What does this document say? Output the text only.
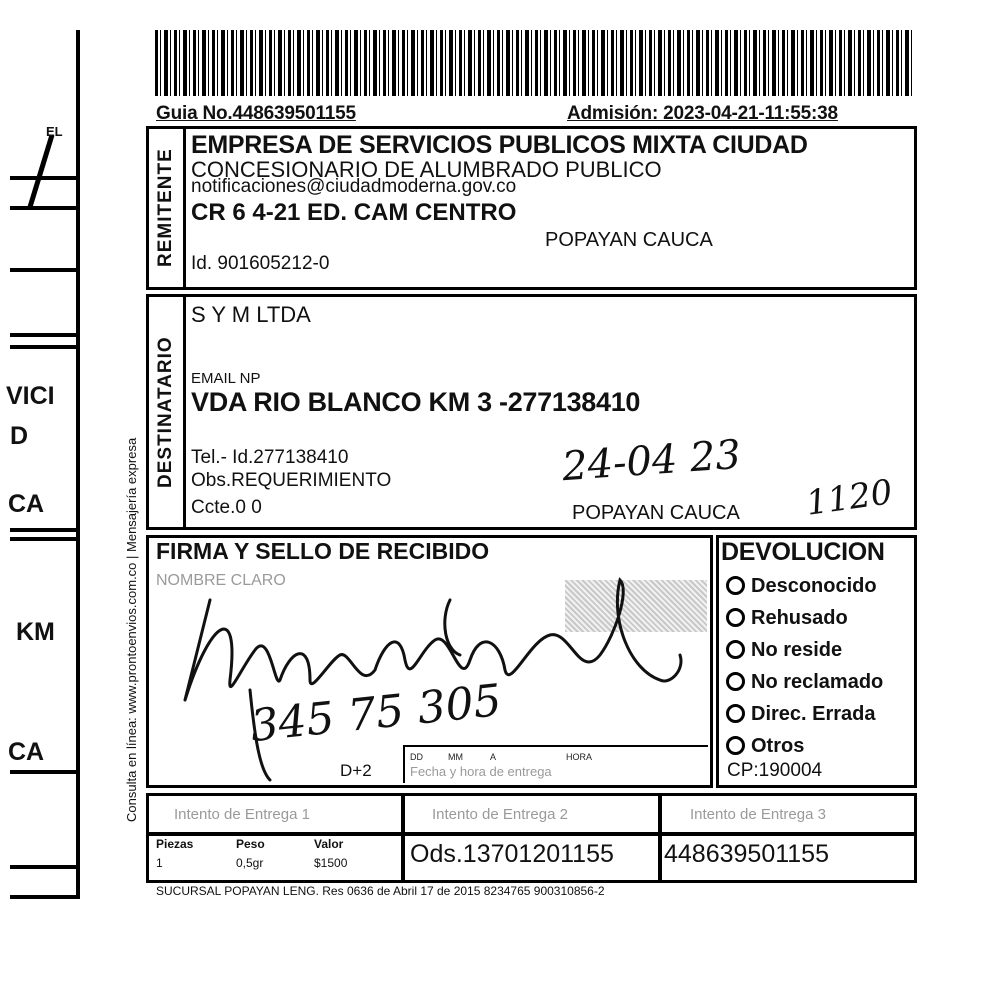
EL
VICI
D
CA
KM
CA
Guia No.448639501155	Admisión: 2023-04-21-11:55:38
Consulta en línea: www.prontoenvios.com.co | Mensajería expresa
REMITENTE
EMPRESA DE SERVICIOS PUBLICOS MIXTA CIUDAD
CONCESIONARIO DE ALUMBRADO PUBLICO
notificaciones@ciudadmoderna.gov.co
CR 6 4-21 ED. CAM CENTRO
POPAYAN CAUCA
Id. 901605212-0
DESTINATARIO
S Y M LTDA
EMAIL NP
VDA RIO BLANCO KM 3 -277138410
Tel.- Id.277138410
Obs.REQUERIMIENTO
Ccte.0 0	POPAYAN CAUCA
24-04 23
1120
FIRMA Y SELLO DE RECIBIDO
NOMBRE CLARO
345 75 305
D+2
DD	MM	A	HORA
Fecha y hora de entrega
DEVOLUCION
Desconocido
Rehusado
No reside
No reclamado
Direc. Errada
Otros
CP:190004
Intento de Entrega 1	Intento de Entrega 2	Intento de Entrega 3
Piezas	Peso	Valor
1	0,5gr	$1500	Ods.13701201155 448639501155
SUCURSAL POPAYAN LENG. Res 0636 de Abril 17 de 2015 8234765 900310856-2
